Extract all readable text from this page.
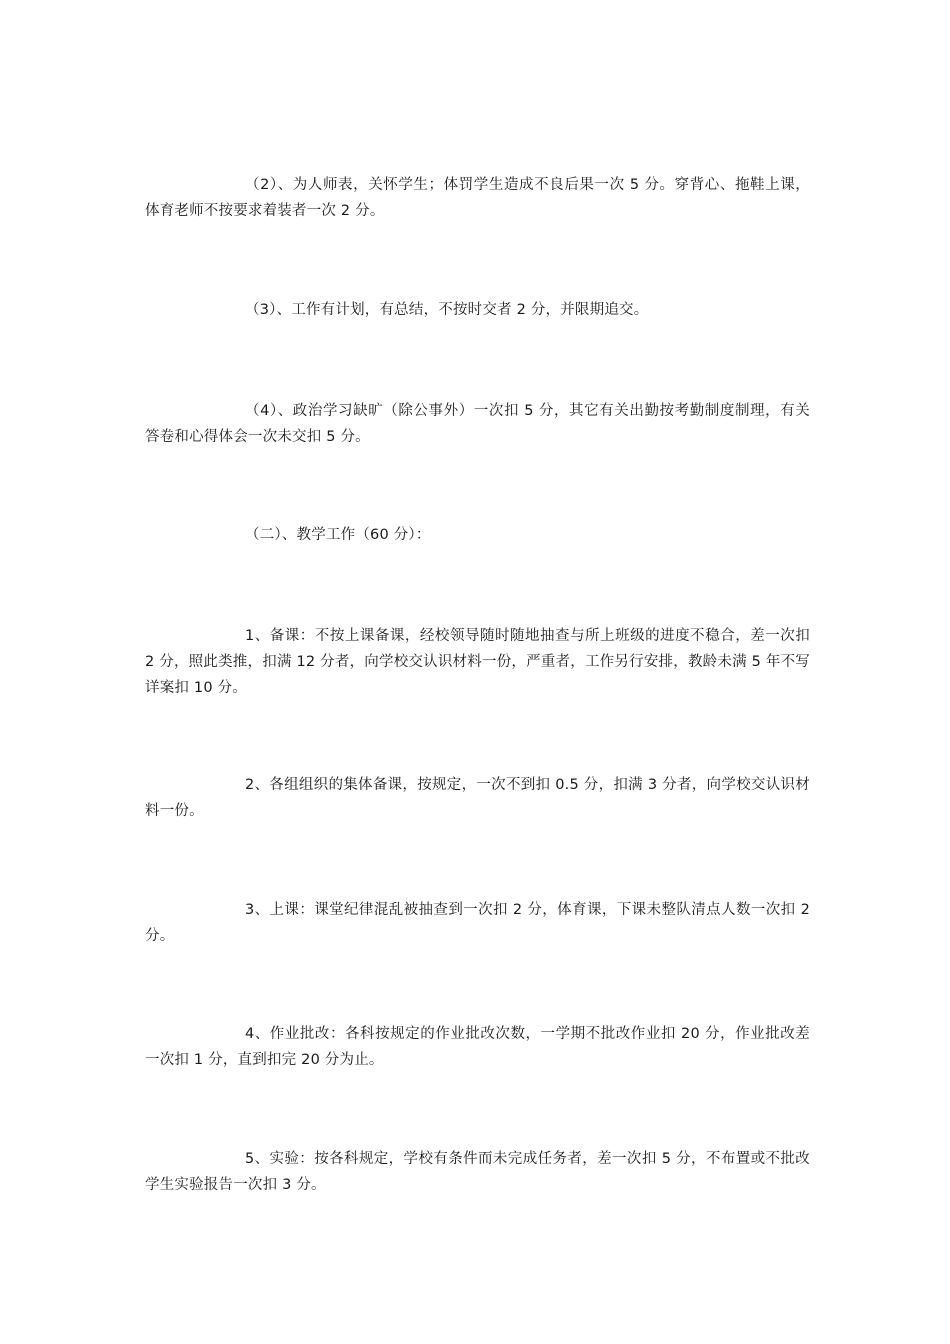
（2）、为人师表，关怀学生；体罚学生造成不良后果一次 5 分。穿背心、拖鞋上课，体育老师不按要求着装者一次 2 分。

（3）、工作有计划，有总结，不按时交者 2 分，并限期追交。

（4）、政治学习缺旷（除公事外）一次扣 5 分，其它有关出勤按考勤制度制理，有关答卷和心得体会一次未交扣 5 分。

（二）、教学工作（60 分）：

1、备课：不按上课备课，经校领导随时随地抽查与所上班级的进度不稳合，差一次扣 2 分，照此类推，扣满 12 分者，向学校交认识材料一份，严重者，工作另行安排，教龄未满 5 年不写详案扣 10 分。

2、各组组织的集体备课，按规定，一次不到扣 0.5 分，扣满 3 分者，向学校交认识材料一份。

3、上课：课堂纪律混乱被抽查到一次扣 2 分，体育课，下课未整队清点人数一次扣 2 分。

4、作业批改：各科按规定的作业批改次数，一学期不批改作业扣 20 分，作业批改差一次扣 1 分，直到扣完 20 分为止。

5、实验：按各科规定，学校有条件而未完成任务者，差一次扣 5 分，不布置或不批改学生实验报告一次扣 3 分。
